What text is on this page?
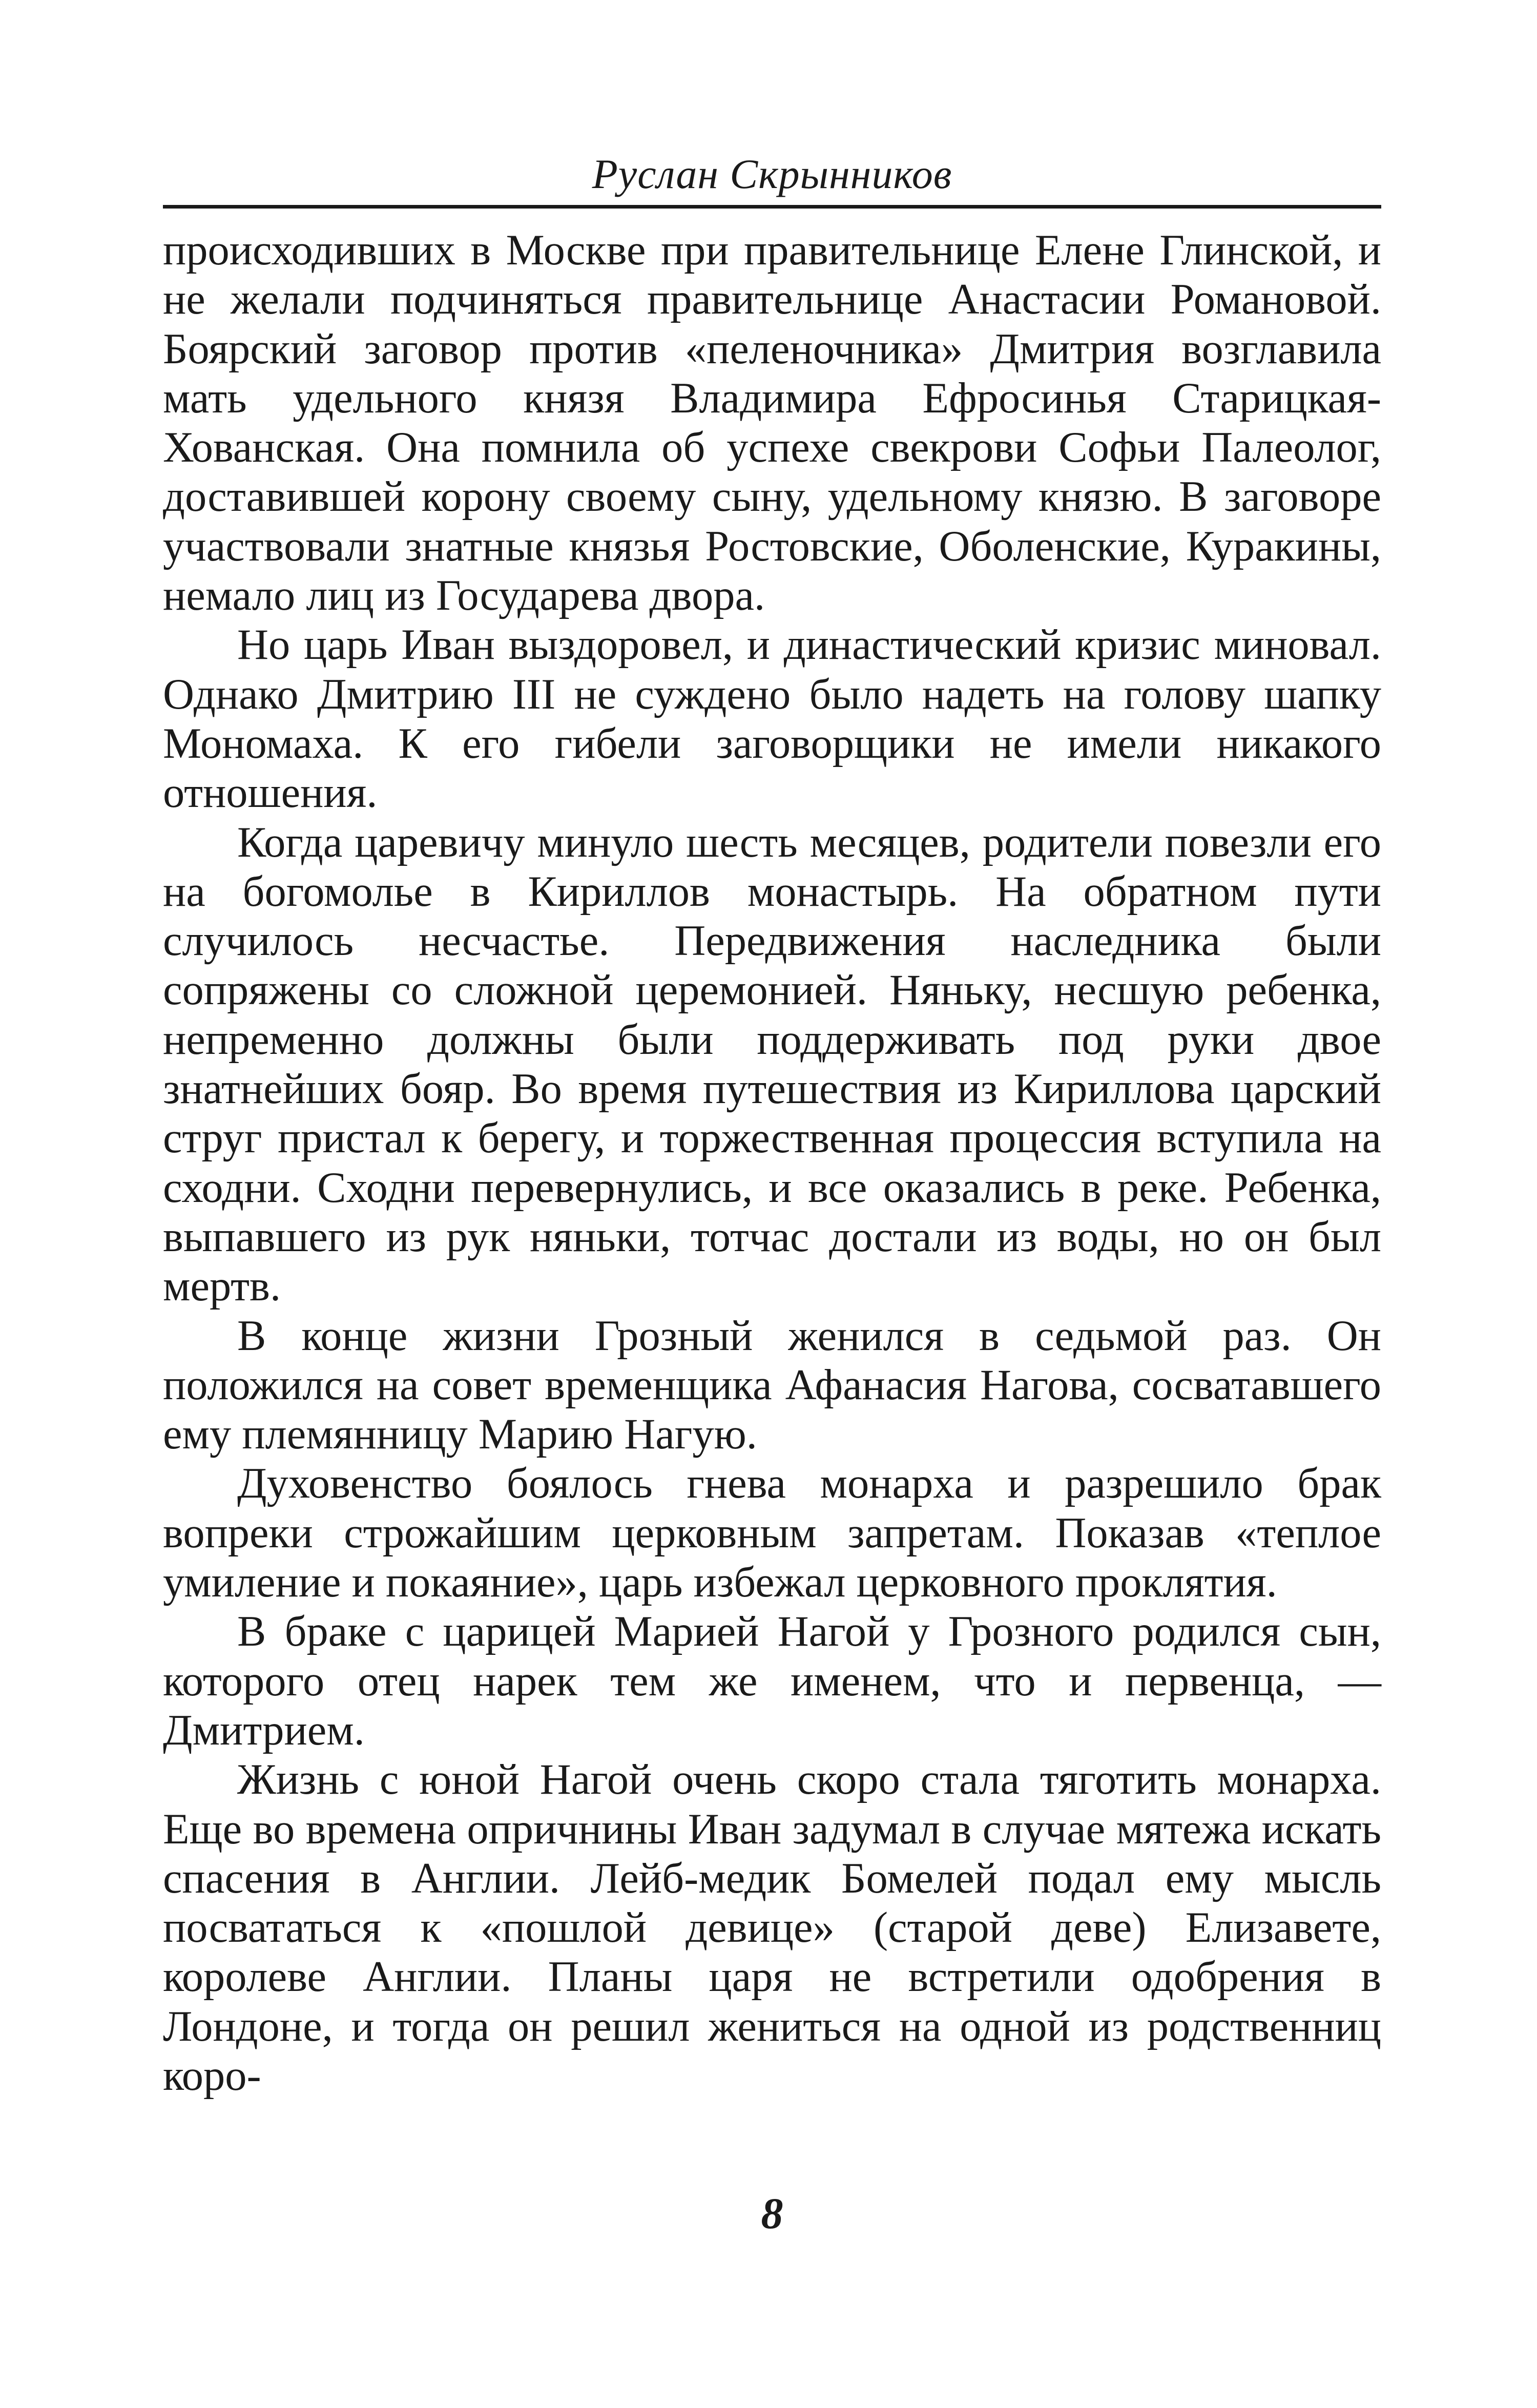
Руслан Скрынников

происходивших в Москве при правительнице Елене Глинской, и не желали подчиняться правительнице Анастасии Романовой. Боярский заговор против «пеленочника» Дмитрия возглавила мать удельного князя Владимира Ефросинья Старицкая-Хованская. Она помнила об успехе свекрови Софьи Палеолог, доставившей корону своему сыну, удельному князю. В заговоре участвовали знатные князья Ростовские, Оболенские, Куракины, немало лиц из Государева двора.

Но царь Иван выздоровел, и династический кризис миновал. Однако Дмитрию III не суждено было надеть на голову шапку Мономаха. К его гибели заговорщики не имели никакого отношения.

Когда царевичу минуло шесть месяцев, родители повезли его на богомолье в Кириллов монастырь. На обратном пути случилось несчастье. Передвижения наследника были сопряжены со сложной церемонией. Няньку, несшую ребенка, непременно должны были поддерживать под руки двое знатнейших бояр. Во время путешествия из Кириллова царский струг пристал к берегу, и торжественная процессия вступила на сходни. Сходни перевернулись, и все оказались в реке. Ребенка, выпавшего из рук няньки, тотчас достали из воды, но он был мертв.

В конце жизни Грозный женился в седьмой раз. Он положился на совет временщика Афанасия Нагова, сосватавшего ему племянницу Марию Нагую.

Духовенство боялось гнева монарха и разрешило брак вопреки строжайшим церковным запретам. Показав «теплое умиление и покаяние», царь избежал церковного проклятия.

В браке с царицей Марией Нагой у Грозного родился сын, которого отец нарек тем же именем, что и первенца, — Дмитрием.

Жизнь с юной Нагой очень скоро стала тяготить монарха. Еще во времена опричнины Иван задумал в случае мятежа искать спасения в Англии. Лейб-медик Бомелей подал ему мысль посвататься к «пошлой девице» (старой деве) Елизавете, королеве Англии. Планы царя не встретили одобрения в Лондоне, и тогда он решил жениться на одной из родственниц коро-

8
